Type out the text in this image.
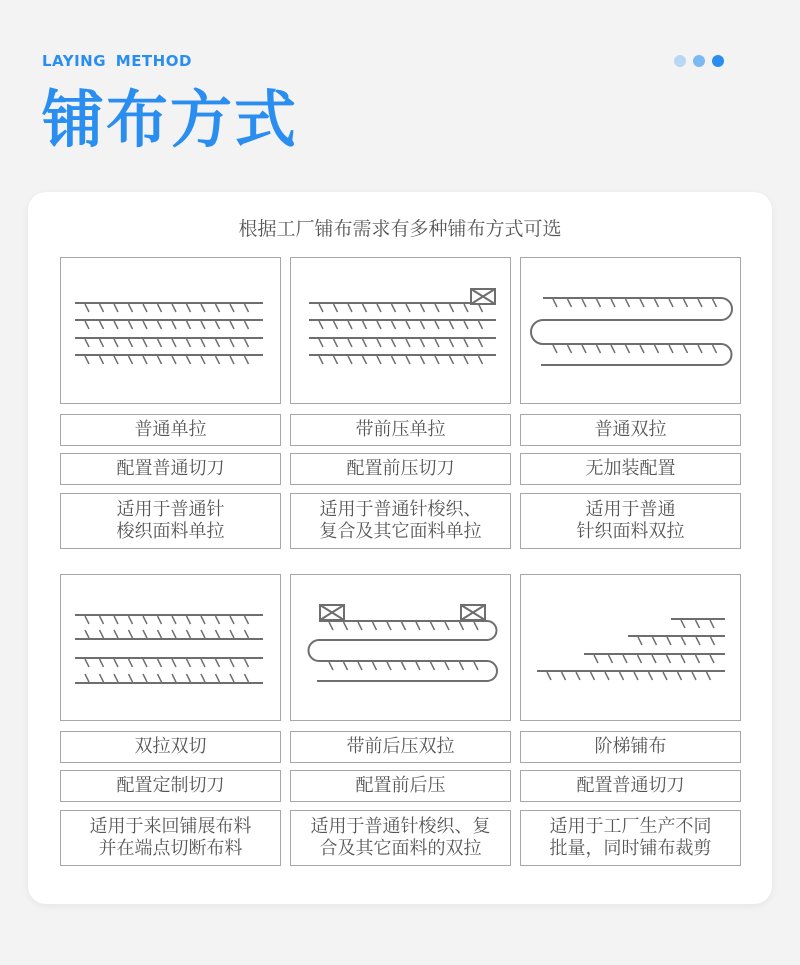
LAYING METHOD
铺布方式
根据工厂铺布需求有多种铺布方式可选
普通单拉
配置普通切刀
适用于普通针
梭织面料单拉
带前压单拉
配置前压切刀
适用于普通针梭织、
复合及其它面料单拉
普通双拉
无加装配置
适用于普通
针织面料双拉
双拉双切
配置定制切刀
适用于来回铺展布料
并在端点切断布料
带前后压双拉
配置前后压
适用于普通针梭织、复
合及其它面料的双拉
阶梯铺布
配置普通切刀
适用于工厂生产不同
批量，同时铺布裁剪
